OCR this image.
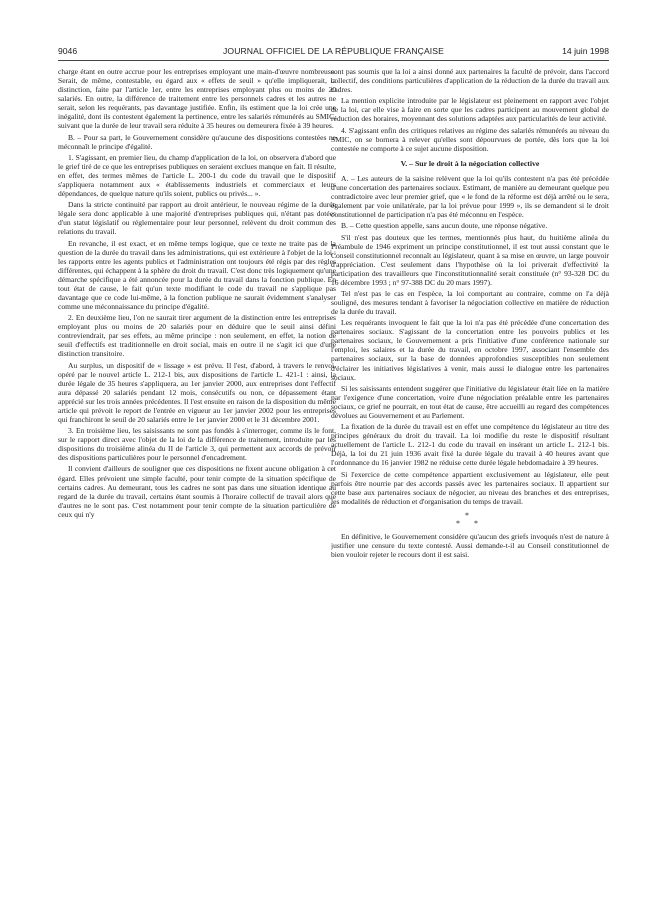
9046	JOURNAL OFFICIEL DE LA RÉPUBLIQUE FRANÇAISE	14 juin 1998

charge étant en outre accrue pour les entreprises employant une main-d'œuvre nombreuse. Serait, de même, contestable, eu égard aux « effets de seuil » qu'elle impliquerait, la distinction, faite par l'article 1er, entre les entreprises employant plus ou moins de 20 salariés. En outre, la différence de traitement entre les personnels cadres et les autres ne serait, selon les requérants, pas davantage justifiée. Enfin, ils estiment que la loi crée une inégalité, dont ils contestent également la pertinence, entre les salariés rémunérés au SMIC, suivant que la durée de leur travail sera réduite à 35 heures ou demeurera fixée à 39 heures.

B. – Pour sa part, le Gouvernement considère qu'aucune des dispositions contestées ne méconnaît le principe d'égalité.

1. S'agissant, en premier lieu, du champ d'application de la loi, on observera d'abord que le grief tiré de ce que les entreprises publiques en seraient exclues manque en fait. Il résulte, en effet, des termes mêmes de l'article L. 200-1 du code du travail que le dispositif s'appliquera notamment aux « établissements industriels et commerciaux et leurs dépendances, de quelque nature qu'ils soient, publics ou privés... ».

Dans la stricte continuité par rapport au droit antérieur, le nouveau régime de la durée légale sera donc applicable à une majorité d'entreprises publiques qui, n'étant pas dotées d'un statut législatif ou réglementaire pour leur personnel, relèvent du droit commun des relations du travail.

En revanche, il est exact, et en même temps logique, que ce texte ne traite pas de la question de la durée du travail dans les administrations, qui est extérieure à l'objet de la loi : les rapports entre les agents publics et l'administration ont toujours été régis par des règles différentes, qui échappent à la sphère du droit du travail. C'est donc très logiquement qu'une démarche spécifique a été annoncée pour la durée du travail dans la fonction publique. En tout état de cause, le fait qu'un texte modifiant le code du travail ne s'applique pas davantage que ce code lui-même, à la fonction publique ne saurait évidemment s'analyser comme une méconnaissance du principe d'égalité.

2. En deuxième lieu, l'on ne saurait tirer argument de la distinction entre les entreprises employant plus ou moins de 20 salariés pour en déduire que le seuil ainsi défini contreviendrait, par ses effets, au même principe : non seulement, en effet, la notion de seuil d'effectifs est traditionnelle en droit social, mais en outre il ne s'agit ici que d'une distinction transitoire.

Au surplus, un dispositif de « lissage » est prévu. Il l'est, d'abord, à travers le renvoi, opéré par le nouvel article L. 212-1 bis, aux dispositions de l'article L. 421-1 : ainsi, la durée légale de 35 heures s'appliquera, au 1er janvier 2000, aux entreprises dont l'effectif aura dépassé 20 salariés pendant 12 mois, consécutifs ou non, ce dépassement étant apprécié sur les trois années précédentes. Il l'est ensuite en raison de la disposition du même article qui prévoit le report de l'entrée en vigueur au 1er janvier 2002 pour les entreprises qui franchiront le seuil de 20 salariés entre le 1er janvier 2000 et le 31 décembre 2001.

3. En troisième lieu, les saisissants ne sont pas fondés à s'interroger, comme ils le font, sur le rapport direct avec l'objet de la loi de la différence de traitement, introduite par les dispositions du troisième alinéa du II de l'article 3, qui permettent aux accords de prévoir des dispositions particulières pour le personnel d'encadrement.

Il convient d'ailleurs de souligner que ces dispositions ne fixent aucune obligation à cet égard. Elles prévoient une simple faculté, pour tenir compte de la situation spécifique de certains cadres. Au demeurant, tous les cadres ne sont pas dans une situation identique au regard de la durée du travail, certains étant soumis à l'horaire collectif de travail alors que d'autres ne le sont pas. C'est notamment pour tenir compte de la situation particulière de ceux qui n'y

sont pas soumis que la loi a ainsi donné aux partenaires la faculté de prévoir, dans l'accord collectif, des conditions particulières d'application de la réduction de la durée du travail aux cadres.

La mention explicite introduite par le législateur est pleinement en rapport avec l'objet de la loi, car elle vise à faire en sorte que les cadres participent au mouvement global de réduction des horaires, moyennant des solutions adaptées aux particularités de leur activité.

4. S'agissant enfin des critiques relatives au régime des salariés rémunérés au niveau du SMIC, on se bornera à relever qu'elles sont dépourvues de portée, dès lors que la loi contestée ne comporte à ce sujet aucune disposition.

V. – Sur le droit à la négociation collective

A. – Les auteurs de la saisine relèvent que la loi qu'ils contestent n'a pas été précédée d'une concertation des partenaires sociaux. Estimant, de manière au demeurant quelque peu contradictoire avec leur premier grief, que « le fond de la réforme est déjà arrêté ou le sera, également par voie unilatérale, par la loi prévue pour 1999 », ils se demandent si le droit constitutionnel de participation n'a pas été méconnu en l'espèce.

B. – Cette question appelle, sans aucun doute, une réponse négative.

S'il n'est pas douteux que les termes, mentionnés plus haut, du huitième alinéa du Préambule de 1946 expriment un principe constitutionnel, il est tout aussi constant que le Conseil constitutionnel reconnaît au législateur, quant à sa mise en œuvre, un large pouvoir d'appréciation. C'est seulement dans l'hypothèse où la loi priverait d'effectivité la participation des travailleurs que l'inconstitutionnalité serait constituée (n° 93-328 DC du 16 décembre 1993 ; n° 97-388 DC du 20 mars 1997).

Tel n'est pas le cas en l'espèce, la loi comportant au contraire, comme on l'a déjà souligné, des mesures tendant à favoriser la négociation collective en matière de réduction de la durée du travail.

Les requérants invoquent le fait que la loi n'a pas été précédée d'une concertation des partenaires sociaux. S'agissant de la concertation entre les pouvoirs publics et les partenaires sociaux, le Gouvernement a pris l'initiative d'une conférence nationale sur l'emploi, les salaires et la durée du travail, en octobre 1997, associant l'ensemble des partenaires sociaux, sur la base de données approfondies susceptibles non seulement d'éclairer les initiatives législatives à venir, mais aussi le dialogue entre les partenaires sociaux.

Si les saisissants entendent suggérer que l'initiative du législateur était liée en la matière par l'exigence d'une concertation, voire d'une négociation préalable entre les partenaires sociaux, ce grief ne pourrait, en tout état de cause, être accueilli au regard des compétences dévolues au Gouvernement et au Parlement.

La fixation de la durée du travail est en effet une compétence du législateur au titre des principes généraux du droit du travail. La loi modifie du reste le dispositif résultant actuellement de l'article L. 212-1 du code du travail en insérant un article L. 212-1 bis. Déjà, la loi du 21 juin 1936 avait fixé la durée légale du travail à 40 heures avant que l'ordonnance du 16 janvier 1982 ne réduise cette durée légale hebdomadaire à 39 heures.

Si l'exercice de cette compétence appartient exclusivement au législateur, elle peut parfois être nourrie par des accords passés avec les partenaires sociaux. Il appartient sur cette base aux partenaires sociaux de négocier, au niveau des branches et des entreprises, les modalités de réduction et d'organisation du temps de travail.

*
* *

En définitive, le Gouvernement considère qu'aucun des griefs invoqués n'est de nature à justifier une censure du texte contesté. Aussi demande-t-il au Conseil constitutionnel de bien vouloir rejeter le recours dont il est saisi.
